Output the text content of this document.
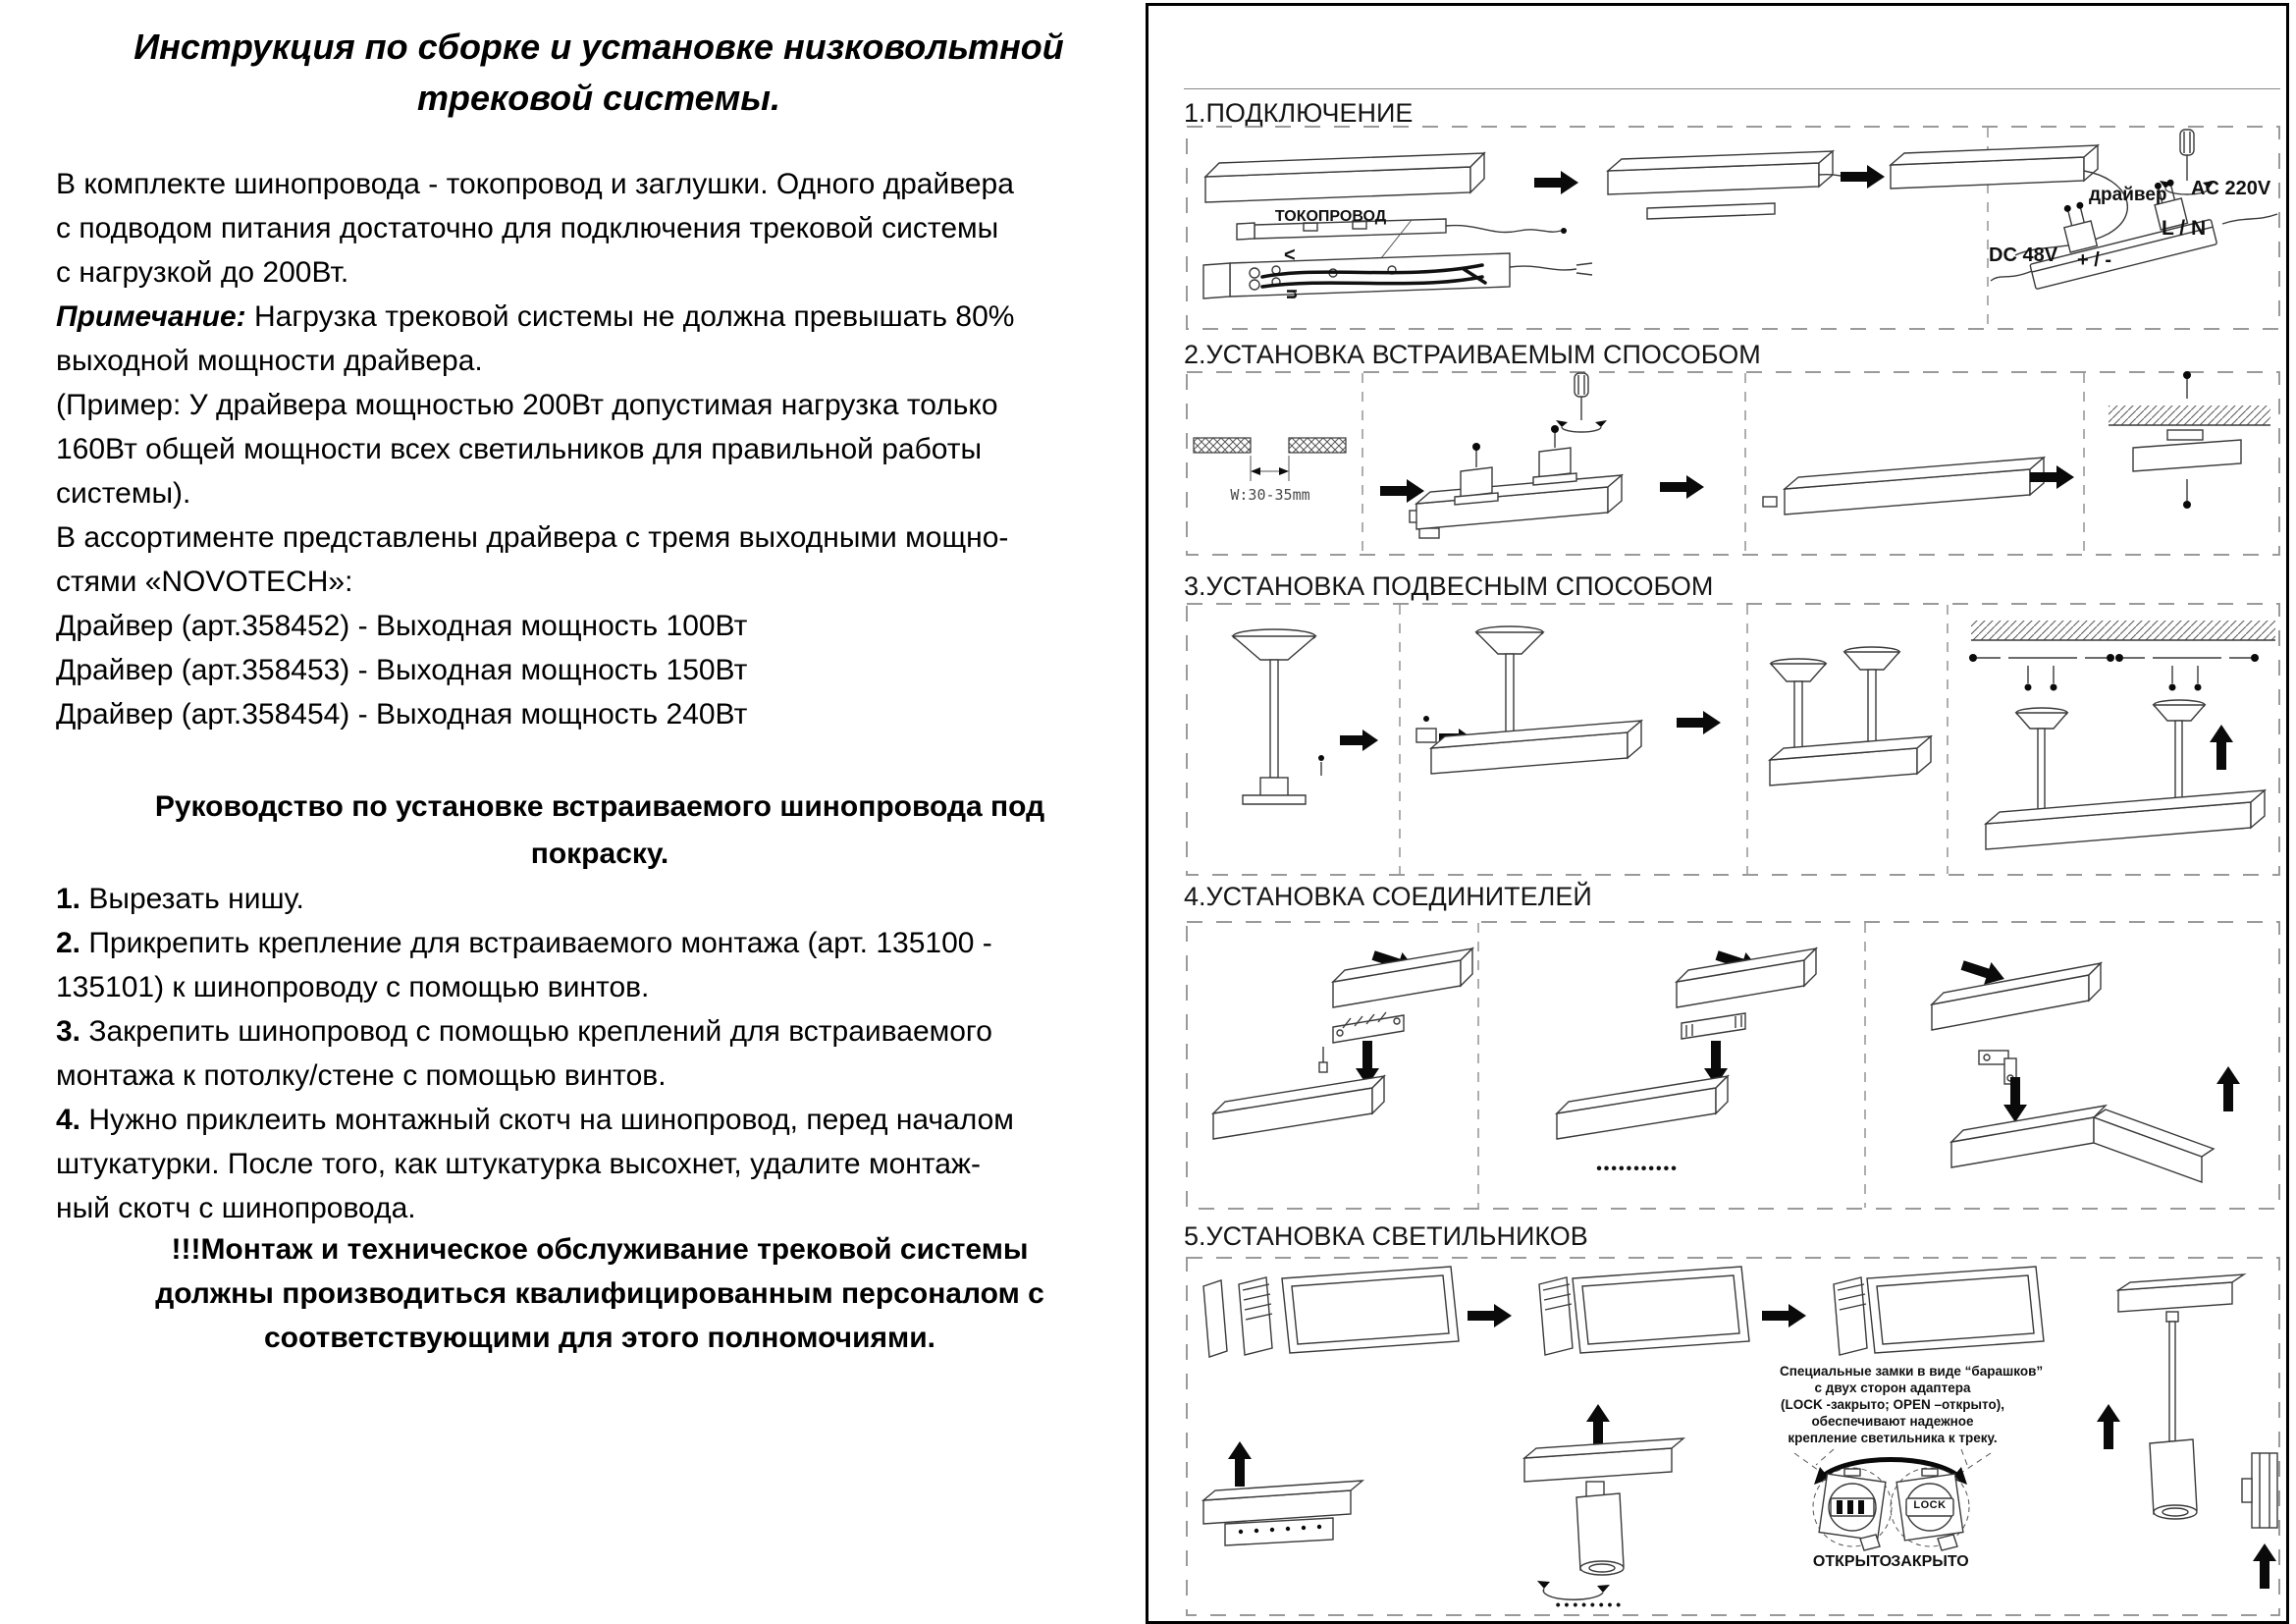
Инструкция по сборке и установке низковольтной
трековой системы.
В комплекте шинопровода - токопровод и заглушки. Одного драйвера
с подводом питания достаточно для подключения трековой системы
с нагрузкой до 200Вт.
Примечание: Нагрузка трековой системы не должна превышать 80%
выходной мощности драйвера.
(Пример: У драйвера мощностью 200Вт допустимая нагрузка только
160Вт общей мощности всех светильников для правильной работы
системы).
В ассортименте представлены драйвера с тремя выходными мощно-
стями «NOVOTECH»:
Драйвер (арт.358452) - Выходная мощность 100Вт
Драйвер (арт.358453) - Выходная мощность 150Вт
Драйвер (арт.358454) - Выходная мощность 240Вт
Руководство по установке встраиваемого шинопровода под
покраску.
1. Вырезать нишу.
2. Прикрепить крепление для встраиваемого монтажа (арт. 135100 -
135101) к шинопроводу с помощью винтов.
3. Закрепить шинопровод с помощью креплений для встраиваемого
монтажа к потолку/стене с помощью винтов.
4. Нужно приклеить монтажный скотч на шинопровод, перед началом
штукатурки. После того, как штукатурка высохнет, удалите монтаж-
ный скотч с шинопровода.
!!!Монтаж и техническое обслуживание трековой системы
должны производиться квалифицированным персоналом с
соответствующими для этого полномочиями.
1.ПОДКЛЮЧЕНИЕ
2.УСТАНОВКА ВСТРАИВАЕМЫМ СПОСОБОМ
3.УСТАНОВКА ПОДВЕСНЫМ СПОСОБОМ
4.УСТАНОВКА СОЕДИНИТЕЛЕЙ
5.УСТАНОВКА СВЕТИЛЬНИКОВ
ТОКОПРОВОД
<
u
драйвер AC 220V
L / N
DC 48V + / -
W:30-35mm
•••••••••••
Специальные замки в виде “барашков”
с двух сторон адаптера
(LOCK -закрыто; OPEN –открыто),
обеспечивают надежное
крепление светильника к треку.
LOCK
ОТКРЫТО ЗАКРЫТО
• • • • • • • •
